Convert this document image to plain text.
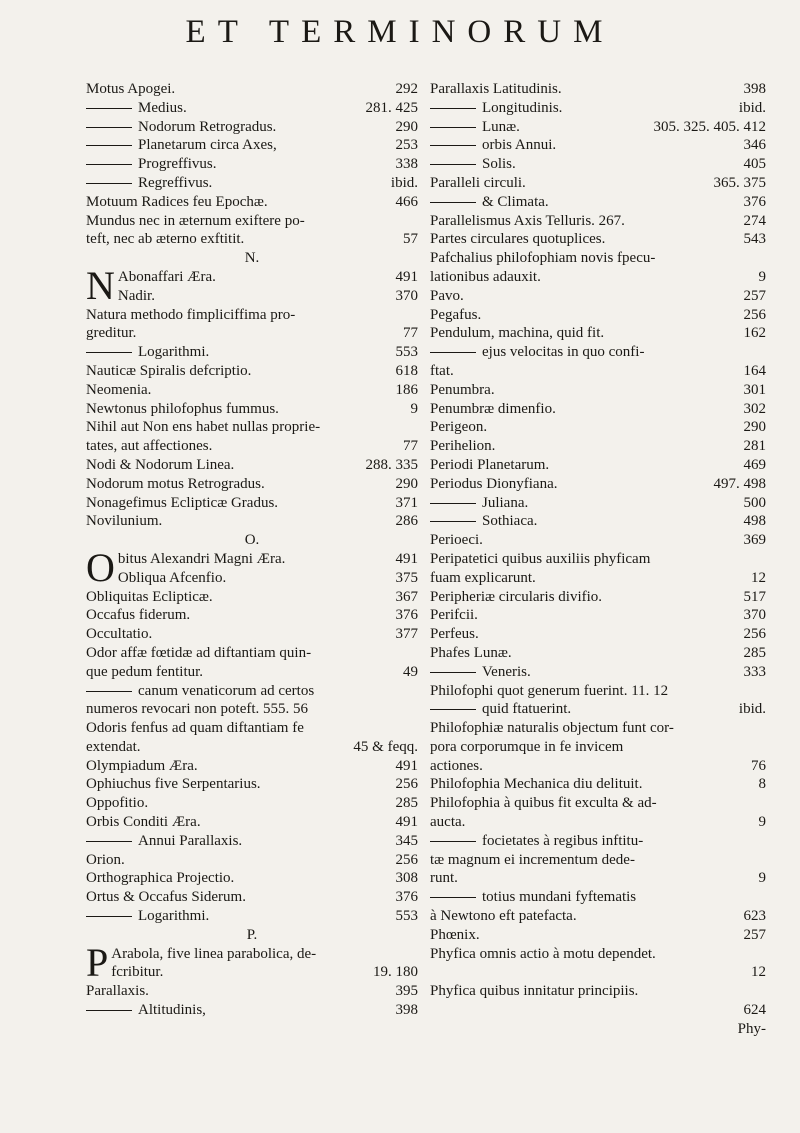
ET TERMINORUM
Motus Apogei.	292
Medius.	281. 425
Nodorum Retrogradus.	290
Planetarum circa Axes,	253
Progreffivus.	338
Regreffivus.	ibid.
Motuum Radices feu Epochæ.	466
Mundus nec in æternum exiftere po-
teft, nec ab æterno exftitit.	57
N.
N Abonaffari Æra.	491
Nadir.	370
Natura methodo fimpliciffima pro-
greditur.	77
Logarithmi.	553
Nauticæ Spiralis defcriptio.	618
Neomenia.	186
Newtonus philofophus fummus.	9
Nihil aut Non ens habet nullas proprie-
tates, aut affectiones.	77
Nodi & Nodorum Linea.	288. 335
Nodorum motus Retrogradus.	290
Nonagefimus Eclipticæ Gradus.	371
Novilunium.	286
O.
O bitus Alexandri Magni Æra.	491
Obliqua Afcenfio.	375
Obliquitas Eclipticæ.	367
Occafus fiderum.	376
Occultatio.	377
Odor affæ fœtidæ ad diftantiam quin-
que pedum fentitur.	49
canum venaticorum ad certos
numeros revocari non poteft. 555. 56
Odoris fenfus ad quam diftantiam fe
extendat.	45 & feqq.
Olympiadum Æra.	491
Ophiuchus five Serpentarius.	256
Oppofitio.	285
Orbis Conditi Æra.	491
Annui Parallaxis.	345
Orion.	256
Orthographica Projectio.	308
Ortus & Occafus Siderum.	376
Logarithmi.	553
P.
P Arabola, five linea parabolica, de-
fcribitur.	19. 180
Parallaxis.	395
Altitudinis,	398
Parallaxis Latitudinis.	398
Longitudinis.	ibid.
Lunæ.	305. 325. 405. 412
orbis Annui.	346
Solis.	405
Paralleli circuli.	365. 375
& Climata.	376
Parallelismus Axis Telluris. 267.	274
Partes circulares quotuplices.	543
Pafchalius philofophiam novis fpecu-
lationibus adauxit.	9
Pavo.	257
Pegafus.	256
Pendulum, machina, quid fit.	162
ejus velocitas in quo confi-
ftat.	164
Penumbra.	301
Penumbræ dimenfio.	302
Perigeon.	290
Perihelion.	281
Periodi Planetarum.	469
Periodus Dionyfiana.	497. 498
Juliana.	500
Sothiaca.	498
Perioeci.	369
Peripatetici quibus auxiliis phyficam
fuam explicarunt.	12
Peripheriæ circularis divifio.	517
Perifcii.	370
Perfeus.	256
Phafes Lunæ.	285
Veneris.	333
Philofophi quot generum fuerint. 11. 12
quid ftatuerint.	ibid.
Philofophiæ naturalis objectum funt cor-
pora corporumque in fe invicem
actiones.	76
Philofophia Mechanica diu delituit.	8
Philofophia à quibus fit exculta & ad-
aucta.	9
focietates à regibus inftitu-
tæ magnum ei incrementum dede-
runt.	9
totius mundani fyftematis
à Newtono eft patefacta.	623
Phœnix.	257
Phyfica omnis actio à motu dependet.
12
Phyfica quibus innitatur principiis.
624
Phy-
